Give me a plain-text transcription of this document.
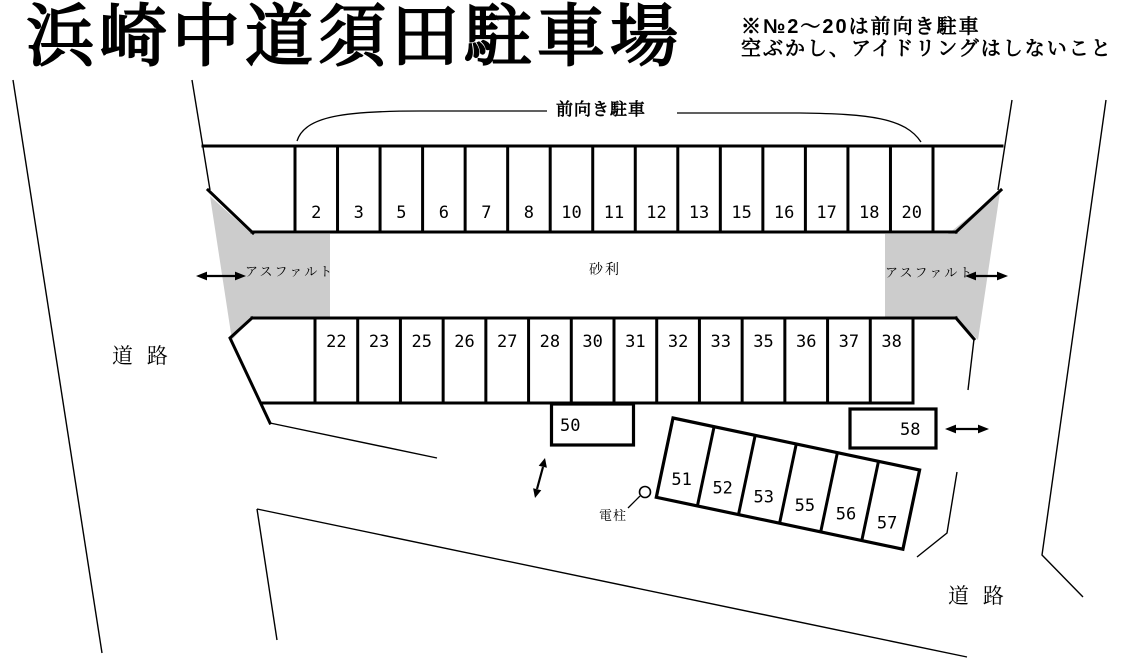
2 3 5 6 7 8 10 11 12 13 15 16 17 18 20
22 23 25 26 27 28 30 31 32 33 35 36 37 38
51 52 53 55 56 57
50	58
浜崎中道須田駐車場	※№2～20は前向き駐車
空ぶかし、アイドリングはしないこと
前向き駐車
アスファルト	アスファルト
砂利
道 路
道 路
電柱
